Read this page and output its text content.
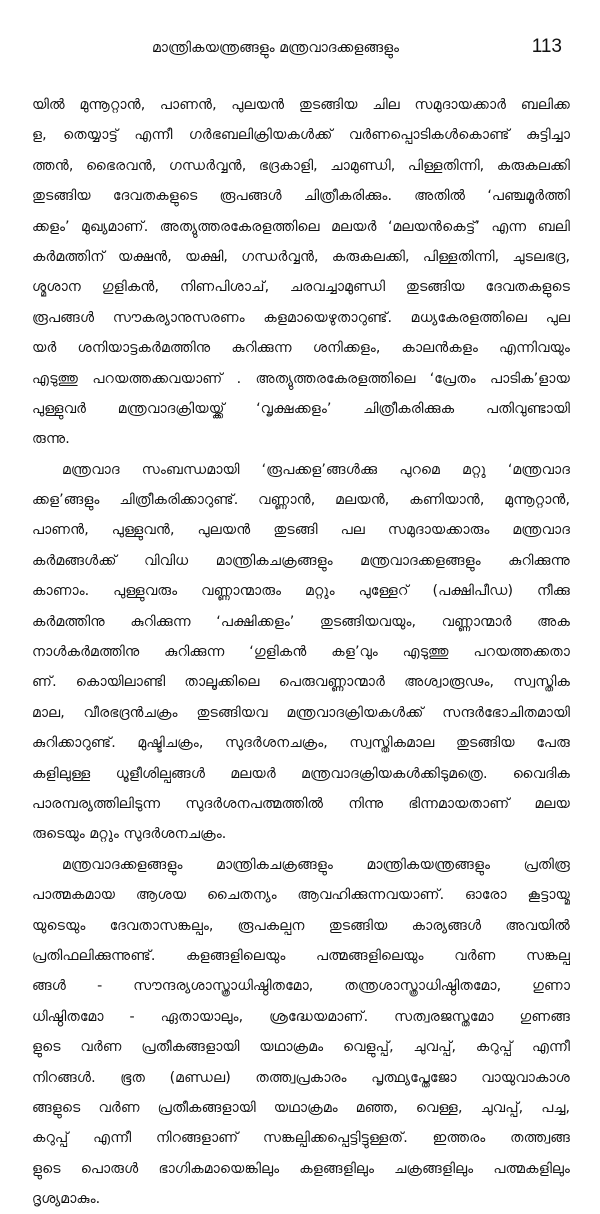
മാന്ത്രികയന്ത്രങ്ങളും മന്ത്രവാദക്കളങ്ങളും	113
യിൽ മുന്നൂറ്റാൻ, പാണൻ, പുലയൻ തുടങ്ങിയ ചില സമുദായക്കാർ ബലിക്ക
ള, തെയ്യാട്ട് എന്നീ ഗർഭബലിക്രിയകൾക്ക് വർണപ്പൊടികൾകൊണ്ട് കുട്ടിച്ചാ
ത്തൻ, ഭൈരവൻ, ഗന്ധർവ്വൻ, ഭദ്രകാളി, ചാമുണ്ഡി, പിള്ളതിന്നി, കരുകലക്കി
തുടങ്ങിയ ദേവതകളുടെ രൂപങ്ങൾ ചിത്രീകരിക്കും. അതിൽ ‘പഞ്ചമൂർത്തി
ക്കളം’ മുഖ്യമാണ്. അത്യുത്തരകേരളത്തിലെ മലയർ ‘മലയൻകെട്ട്’ എന്ന ബലി
കർമത്തിന് യക്ഷൻ, യക്ഷി, ഗന്ധർവ്വൻ, കരുകലക്കി, പിള്ളതിന്നി, ചുടലഭദ്ര,
ശ്മശാന ഗുളികൻ, നിണപിശാച്, ചരവച്ചാമുണ്ഡി തുടങ്ങിയ ദേവതകളുടെ
രൂപങ്ങൾ സൗകര്യാനുസരണം കളമായെഴുതാറുണ്ട്. മധ്യകേരളത്തിലെ പുല
യർ ശനിയാട്ടകർമത്തിനു കുറിക്കുന്ന ശനിക്കളം, കാലൻകളം എന്നിവയും
എടുത്തു പറയത്തക്കവയാണ് . അത്യുത്തരകേരളത്തിലെ ‘പ്രേതം പാടിക’ളായ
പുള്ളുവർ മന്ത്രവാദക്രിയയ്ക്ക് ‘വൃക്ഷക്കളം’ ചിത്രീകരിക്കുക പതിവുണ്ടായി
രുന്നു.
മന്ത്രവാദ സംബന്ധമായി ‘രൂപക്കള’ങ്ങൾക്കു പുറമെ മറ്റു ‘മന്ത്രവാദ
ക്കള’ങ്ങളും ചിത്രീകരിക്കാറുണ്ട്. വണ്ണാൻ, മലയൻ, കണിയാൻ, മുന്നൂറ്റാൻ,
പാണൻ, പുള്ളുവൻ, പുലയൻ തുടങ്ങി പല സമുദായക്കാരും മന്ത്രവാദ
കർമങ്ങൾക്ക് വിവിധ മാന്ത്രികചക്രങ്ങളും മന്ത്രവാദക്കളങ്ങളും കുറിക്കുന്നു
കാണാം. പുള്ളുവരും വണ്ണാന്മാരും മറ്റും പുള്ളേറ് (പക്ഷിപീഡ) നീക്കു
കർമത്തിനു കുറിക്കുന്ന ‘പക്ഷിക്കളം’ തുടങ്ങിയവയും, വണ്ണാന്മാർ അക
നാൾകർമത്തിനു കുറിക്കുന്ന ‘ഗുളികൻ കള’വും എടുത്തു പറയത്തക്കതാ
ണ്. കൊയിലാണ്ടി താലൂക്കിലെ പെരുവണ്ണാന്മാർ അശ്വാരൂഢം, സ്വസ്തിക
മാല, വീരഭദ്രൻചക്രം തുടങ്ങിയവ മന്ത്രവാദക്രിയകൾക്ക് സന്ദർഭോചിതമായി
കുറിക്കാറുണ്ട്. മുഷ്ടിചക്രം, സുദർശനചക്രം, സ്വസ്തികമാല തുടങ്ങിയ പേരു
കളിലുള്ള ധൂളീശില്പങ്ങൾ മലയർ മന്ത്രവാദക്രിയകൾക്കിടുമത്രെ. വൈദിക
പാരമ്പര്യത്തിലിടുന്ന സുദർശനപത്മത്തിൽ നിന്നു ഭിന്നമായതാണ് മലയ
രുടെയും മറ്റും സുദർശനചക്രം.
മന്ത്രവാദക്കളങ്ങളും മാന്ത്രികചക്രങ്ങളും മാന്ത്രികയന്ത്രങ്ങളും പ്രതിരൂ
പാത്മകമായ ആശയ ചൈതന്യം ആവഹിക്കുന്നവയാണ്. ഓരോ കൂട്ടായ്മ
യുടെയും ദേവതാസങ്കല്പം, രൂപകല്പന തുടങ്ങിയ കാര്യങ്ങൾ അവയിൽ
പ്രതിഫലിക്കുന്നുണ്ട്. കളങ്ങളിലെയും പത്മങ്ങളിലെയും വർണ സങ്കല്പ
ങ്ങൾ - സൗന്ദര്യശാസ്ത്രാധിഷ്ഠിതമോ, തന്ത്രശാസ്ത്രാധിഷ്ഠിതമോ, ഗുണാ
ധിഷ്ഠിതമോ - ഏതായാലും, ശ്രദ്ധേയമാണ്. സത്വരജസ്തമോ ഗുണങ്ങ
ളുടെ വർണ പ്രതീകങ്ങളായി യഥാക്രമം വെളുപ്പ്, ചുവപ്പ്, കറുപ്പ് എന്നീ
നിറങ്ങൾ. ഭൂത (മണ്ഡല) തത്ത്വപ്രകാരം പൃത്ഥ്യപ്തേജോ വായുവാകാശ
ങ്ങളുടെ വർണ പ്രതീകങ്ങളായി യഥാക്രമം മഞ്ഞ, വെള്ള, ചുവപ്പ്, പച്ച,
കറുപ്പ് എന്നീ നിറങ്ങളാണ് സങ്കല്പിക്കപ്പെട്ടിട്ടുള്ളത്. ഇത്തരം തത്ത്വങ്ങ
ളുടെ പൊരുൾ ഭാഗികമായെങ്കിലും കളങ്ങളിലും ചക്രങ്ങളിലും പത്മകളിലും
ദൃശ്യമാകും.
